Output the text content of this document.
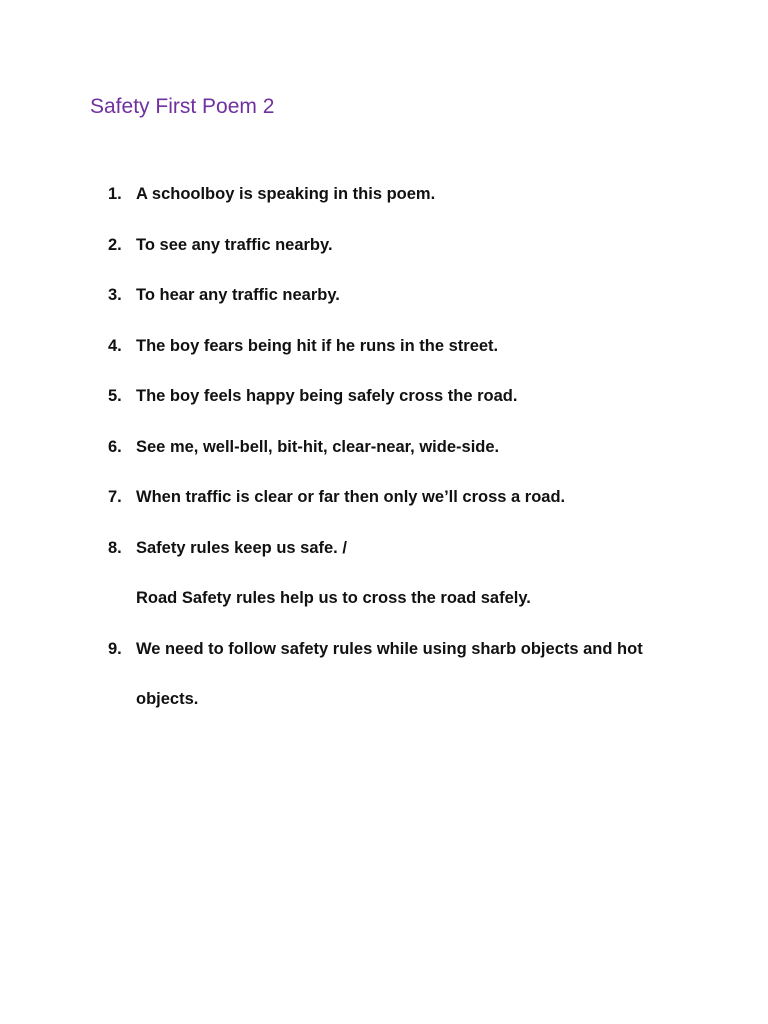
Safety First Poem 2
1. A schoolboy is speaking in this poem.
2. To see any traffic nearby.
3. To hear any traffic nearby.
4. The boy fears being hit if he runs in the street.
5. The boy feels happy being safely cross the road.
6. See me, well-bell, bit-hit, clear-near, wide-side.
7. When traffic is clear or far then only we’ll cross a road.
8. Safety rules keep us safe. /
Road Safety rules help us to cross the road safely.
9. We need to follow safety rules while using sharb objects and hot
objects.
